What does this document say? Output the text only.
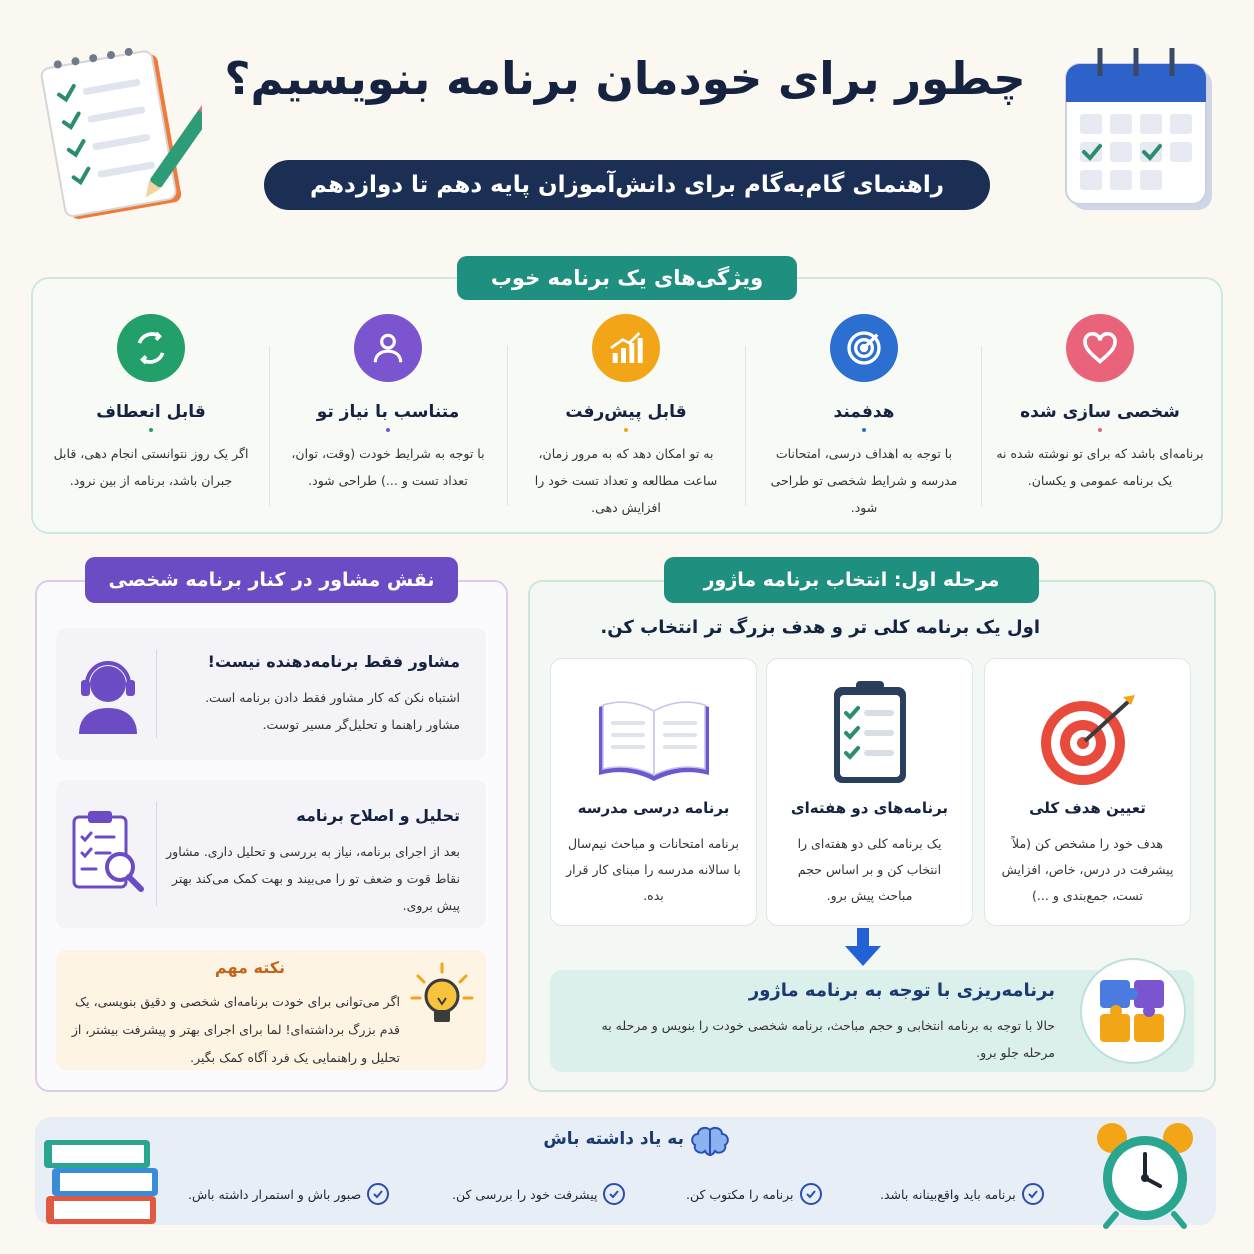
چطور برای خودمان برنامه بنویسیم؟
راهنمای گام‌به‌گام برای دانش‌آموزان پایه دهم تا دوازدهم
ویژگی‌های یک برنامه خوب
شخصی سازی شده
برنامه‌ای باشد که برای تو نوشته شده نه یک برنامه عمومی و یکسان.
هدفمند
با توجه به اهداف درسی، امتحانات مدرسه و شرایط شخصی تو طراحی شود.
قابل پیش‌رفت
به تو امکان دهد که به مرور زمان، ساعت مطالعه و تعداد تست خود را افزایش دهی.
متناسب با نیاز تو
با توجه به شرایط خودت (وقت، توان، تعداد تست و ...) طراحی شود.
قابل انعطاف
اگر یک روز نتوانستی انجام دهی، قابل جبران باشد، برنامه از بین نرود.
مرحله اول: انتخاب برنامه ماژور
اول یک برنامه کلی تر و هدف بزرگ تر انتخاب کن.
تعیین هدف کلی
هدف خود را مشخص کن (ملاً پیشرفت در درس، خاص، افزایش تست، جمع‌بندی و ...)
برنامه‌های دو هفته‌ای
یک برنامه کلی دو هفته‌ای را انتخاب کن و بر اساس حجم مباحث پیش برو.
برنامه درسی مدرسه
برنامه امتحانات و مباحث نیم‌سال با سالانه مدرسه را مبنای کار قرار بده.
برنامه‌ریزی با توجه به برنامه ماژور
حالا با توجه به برنامه انتخابی و حجم مباحث، برنامه شخصی خودت را بنویس و مرحله به مرحله جلو برو.
نقش مشاور در کنار برنامه شخصی
مشاور فقط برنامه‌دهنده نیست!
اشتباه نکن که کار مشاور فقط دادن برنامه است. مشاور راهنما و تحلیل‌گر مسیر توست.
تحلیل و اصلاح برنامه
بعد از اجرای برنامه، نیاز به بررسی و تحلیل داری. مشاور نقاط قوت و ضعف تو را می‌بیند و بهت کمک می‌کند بهتر پیش بروی.
نکته مهم
اگر می‌توانی برای خودت برنامه‌ای شخصی و دقیق بنویسی، یک قدم بزرگ برداشته‌ای! لما برای اجرای بهتر و پیشرفت بیشتر، از تحلیل و راهنمایی یک فرد آگاه کمک بگیر.
به یاد داشته باش
برنامه باید واقع‌بینانه باشد.
برنامه را مکتوب کن.
پیشرفت خود را بررسی کن.
صبور باش و استمرار داشته باش.
